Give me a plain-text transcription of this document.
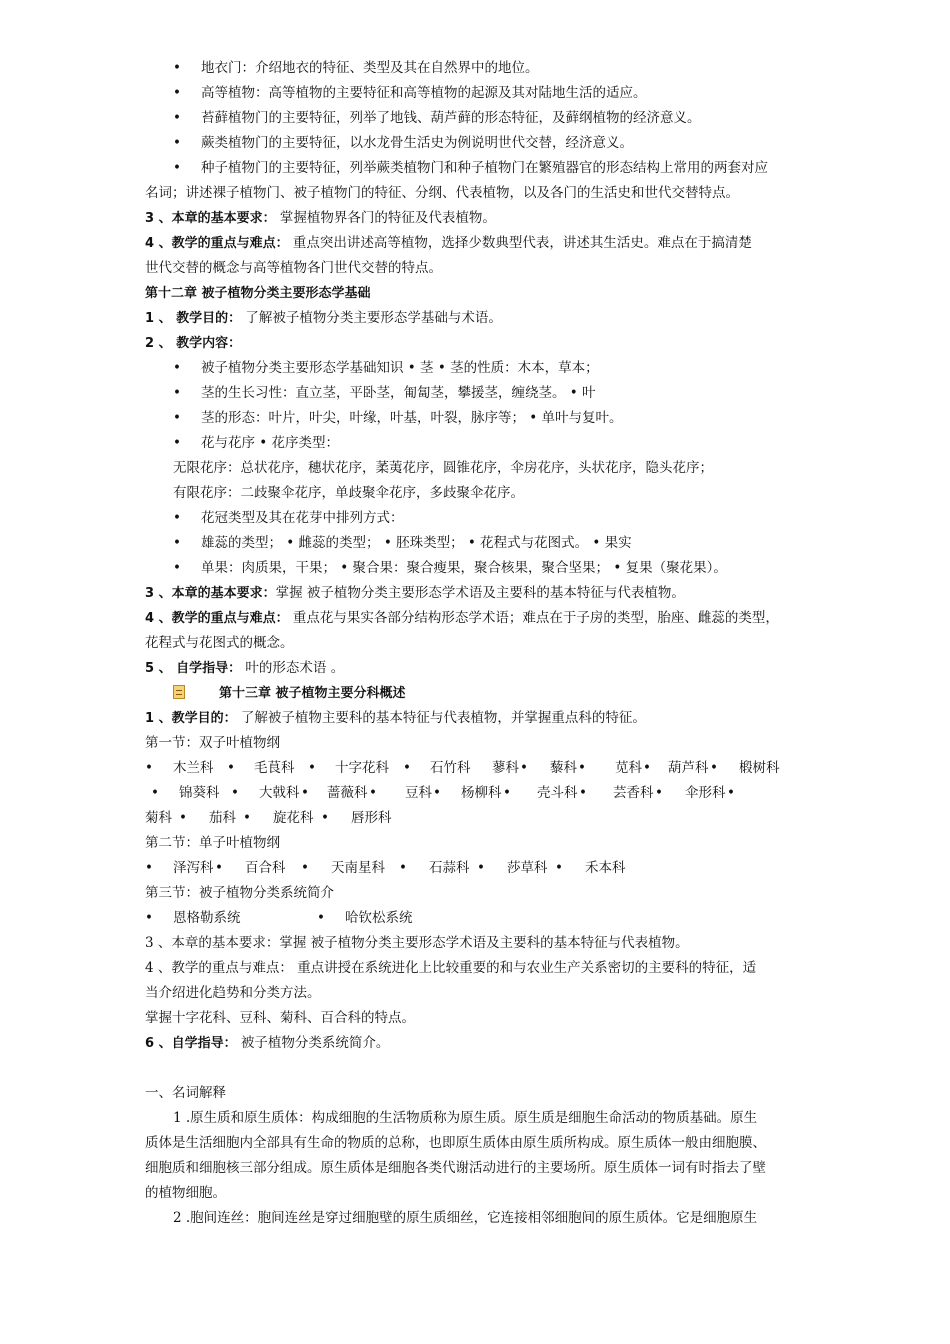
• 地衣门：介绍地衣的特征、类型及其在自然界中的地位。
• 高等植物：高等植物的主要特征和高等植物的起源及其对陆地生活的适应。
• 苔藓植物门的主要特征，列举了地钱、葫芦藓的形态特征，及藓纲植物的经济意义。
• 蕨类植物门的主要特征，以水龙骨生活史为例说明世代交替，经济意义。
• 种子植物门的主要特征，列举蕨类植物门和种子植物门在繁殖器官的形态结构上常用的两套对应
名词；讲述裸子植物门、被子植物门的特征、分纲、代表植物，以及各门的生活史和世代交替特点。
3 、本章的基本要求： 掌握植物界各门的特征及代表植物。
4 、教学的重点与难点： 重点突出讲述高等植物，选择少数典型代表，讲述其生活史。难点在于搞清楚
世代交替的概念与高等植物各门世代交替的特点。
第十二章 被子植物分类主要形态学基础
1 、 教学目的： 了解被子植物分类主要形态学基础与术语。
2 、 教学内容：
• 被子植物分类主要形态学基础知识 • 茎 • 茎的性质：木本，草本；
• 茎的生长习性：直立茎，平卧茎，匍匐茎，攀援茎，缠绕茎。 • 叶
• 茎的形态：叶片，叶尖，叶缘，叶基，叶裂，脉序等； • 单叶与复叶。
• 花与花序 • 花序类型：
无限花序：总状花序，穗状花序，葇荑花序，圆锥花序，伞房花序，头状花序，隐头花序；
有限花序：二歧聚伞花序，单歧聚伞花序，多歧聚伞花序。
• 花冠类型及其在花芽中排列方式：
• 雄蕊的类型； • 雌蕊的类型； • 胚珠类型； • 花程式与花图式。 • 果实
• 单果：肉质果，干果； • 聚合果：聚合瘦果，聚合核果，聚合坚果； • 复果（聚花果）。
3 、本章的基本要求：掌握 被子植物分类主要形态学术语及主要科的基本特征与代表植物。
4 、教学的重点与难点： 重点花与果实各部分结构形态学术语；难点在于子房的类型，胎座、雌蕊的类型，
花程式与花图式的概念。
5 、 自学指导： 叶的形态术语 。
第十三章 被子植物主要分科概述
1 、教学目的： 了解被子植物主要科的基本特征与代表植物，并掌握重点科的特征。
第一节：双子叶植物纲
• 木兰科 • 毛茛科 • 十字花科 • 石竹科 蓼科• 藜科• 苋科• 葫芦科 • 椴树科
• 锦葵科 • 大戟科 • 蔷薇科 • 豆科• 杨柳科 • 壳斗科 • 芸香科 • 伞形科 •
菊科 • 茄科 • 旋花科 • 唇形科
第二节：单子叶植物纲
• 泽泻科 • 百合科 • 天南星科 • 石蒜科 • 莎草科 • 禾本科
第三节：被子植物分类系统简介
• 恩格勒系统	• 哈钦松系统
3 、本章的基本要求：掌握 被子植物分类主要形态学术语及主要科的基本特征与代表植物。
4 、教学的重点与难点： 重点讲授在系统进化上比较重要的和与农业生产关系密切的主要科的特征，适
当介绍进化趋势和分类方法。
掌握十字花科、豆科、菊科、百合科的特点。
6 、自学指导： 被子植物分类系统简介。
一、名词解释
1 .原生质和原生质体：构成细胞的生活物质称为原生质。原生质是细胞生命活动的物质基础。原生
质体是生活细胞内全部具有生命的物质的总称，也即原生质体由原生质所构成。原生质体一般由细胞膜、
细胞质和细胞核三部分组成。原生质体是细胞各类代谢活动进行的主要场所。原生质体一词有时指去了壁
的植物细胞。
2 .胞间连丝：胞间连丝是穿过细胞壁的原生质细丝，它连接相邻细胞间的原生质体。它是细胞原生
